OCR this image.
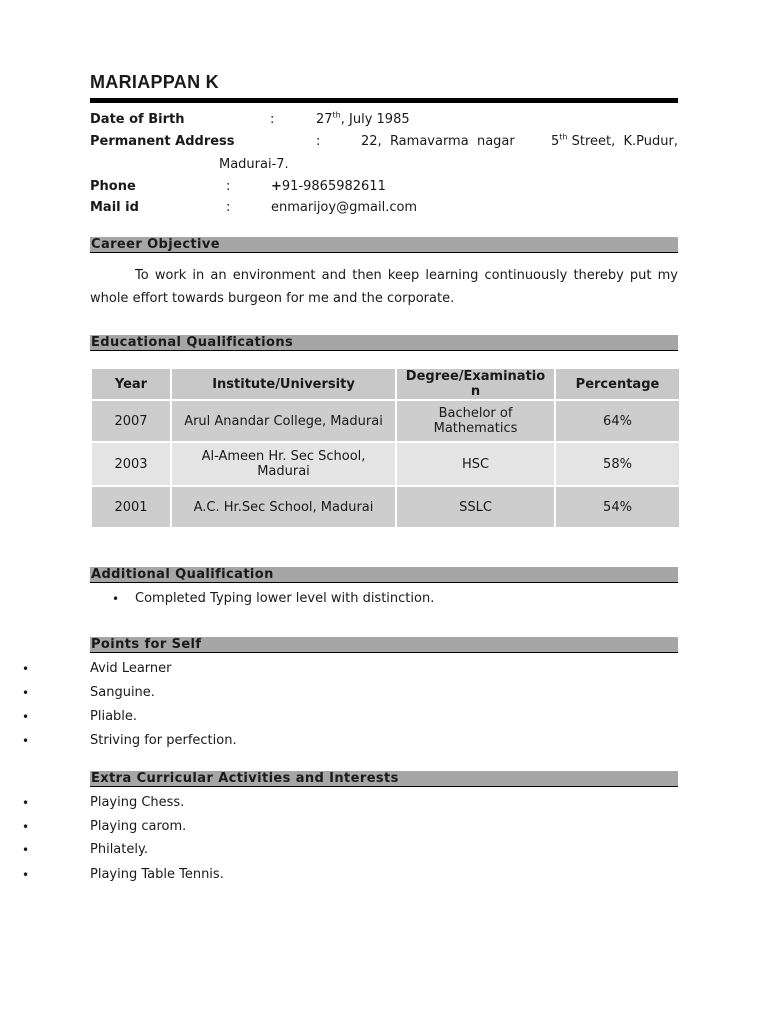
MARIAPPAN K
Date of Birth	:	27th, July 1985
Permanent Address	:	22,  Ramavarma  nagar	5th Street,  K.Pudur,
Madurai-7.
Phone	:	+91-9865982611
Mail id	:	enmarijoy@gmail.com
Career Objective
To work in an environment and then keep learning continuously thereby put my whole effort towards burgeon for me and the corporate.
Educational Qualifications
Year	Institute/University	Degree/Examination	Percentage
2007	Arul Anandar College, Madurai	Bachelor of Mathematics	64%
2003	Al-Ameen Hr. Sec School, Madurai	HSC	58%
2001	A.C. Hr.Sec School, Madurai	SSLC	54%
Additional Qualification
• Completed Typing lower level with distinction.
Points for Self
•	Avid Learner
•	Sanguine.
•	Pliable.
•	Striving for perfection.
Extra Curricular Activities and Interests
•	Playing Chess.
•	Playing carom.
•	Philately.
•	Playing Table Tennis.
